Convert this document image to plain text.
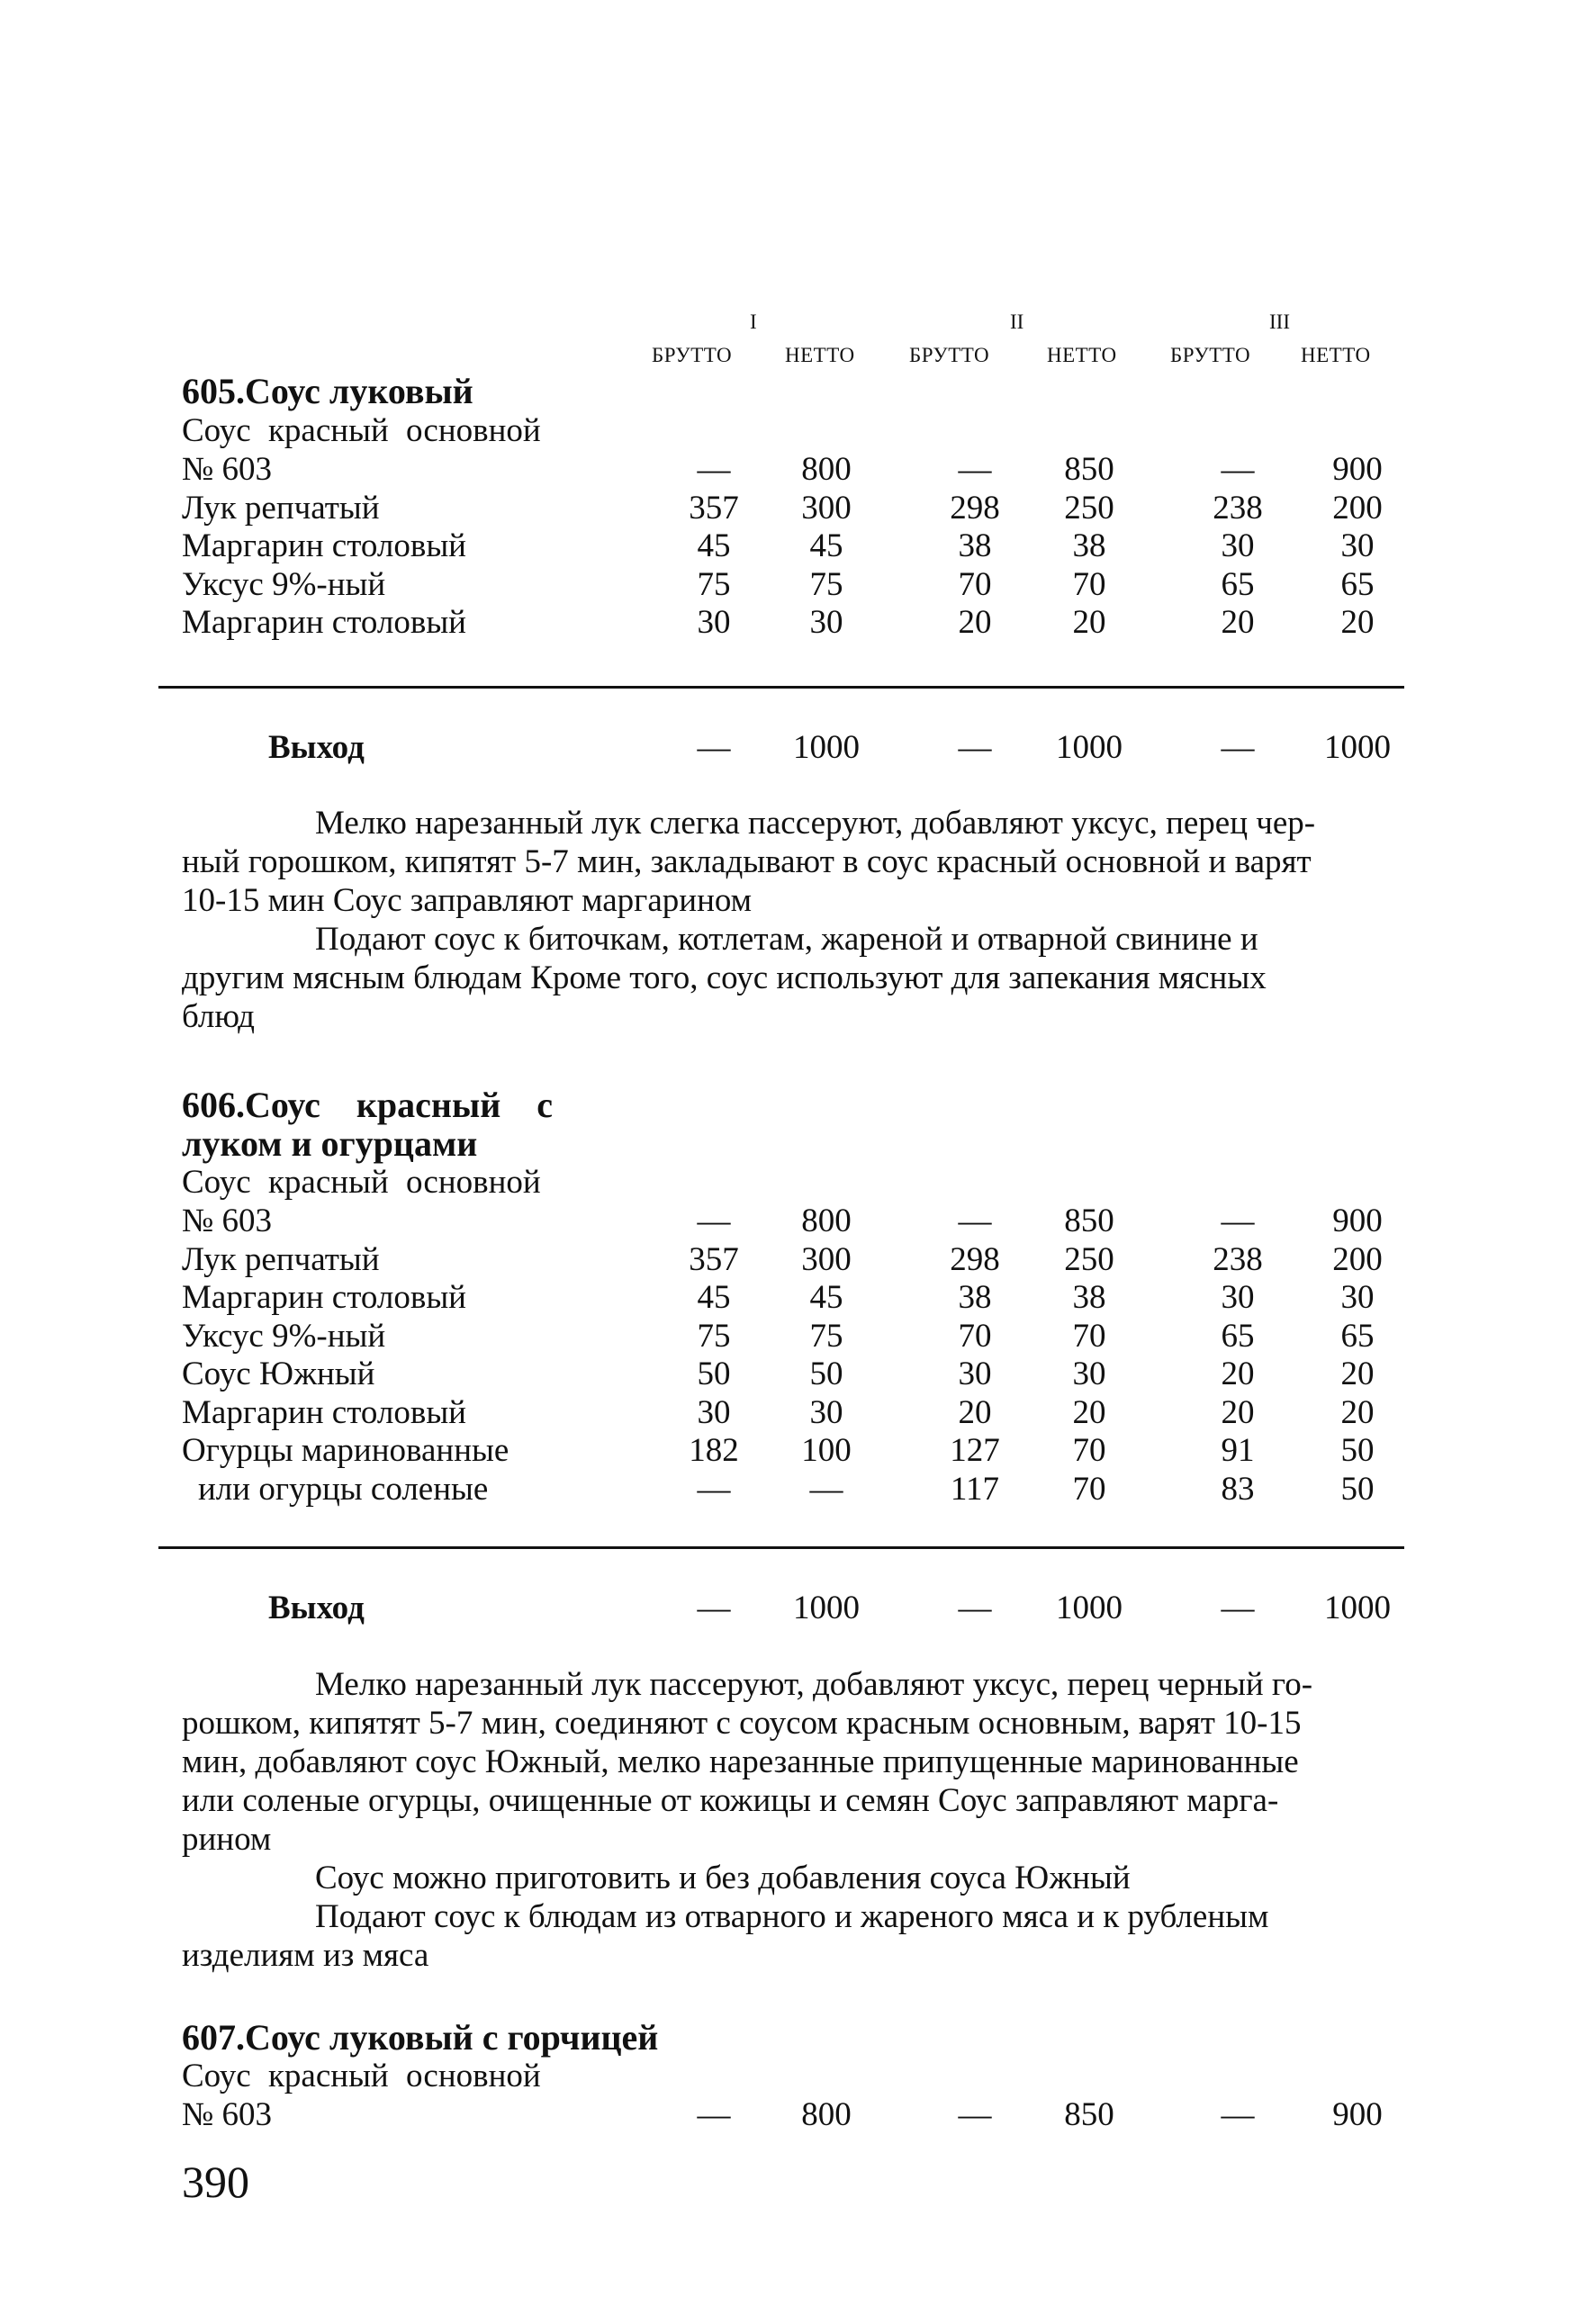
I	II	III
БРУТТО	НЕТТО	БРУТТО	НЕТТО	БРУТТО НЕТТО
605.Соус луковый
Соус красный основной
№ 603	—	800	—	850	—	900
Лук репчатый	357	300	298	250	238	200
Маргарин столовый	45	45	38	38	30	30
Уксус 9%-ный	75	75	70	70	65	65
Маргарин столовый	30	30	20	20	20	20
Выход	—	1000	—	1000	—	1000
Мелко нарезанный лук слегка пассеруют, добавляют уксус, перец чер-
ный горошком, кипятят 5-7 мин, закладывают в соус красный основной и варят
10-15 мин Соус заправляют маргарином
Подают соус к биточкам, котлетам, жареной и отварной свинине и
другим мясным блюдам Кроме того, соус используют для запекания мясных
блюд
606.Соус красный с
луком и огурцами
Соус красный основной
№ 603	—	800	—	850	—	900
Лук репчатый	357	300	298	250	238	200
Маргарин столовый	45	45	38	38	30	30
Уксус 9%-ный	75	75	70	70	65	65
Соус Южный	50	50	30	30	20	20
Маргарин столовый	30	30	20	20	20	20
Огурцы маринованные	182	100	127	70	91	50
или огурцы соленые	—	—	117	70	83	50
Выход	—	1000	—	1000	—	1000
Мелко нарезанный лук пассеруют, добавляют уксус, перец черный го-
рошком, кипятят 5-7 мин, соединяют с соусом красным основным, варят 10-15
мин, добавляют соус Южный, мелко нарезанные припущенные маринованные
или соленые огурцы, очищенные от кожицы и семян Соус заправляют марга-
рином
Соус можно приготовить и без добавления соуса Южный
Подают соус к блюдам из отварного и жареного мяса и к рубленым
изделиям из мяса
607.Соус луковый с горчицей
Соус красный основной
№ 603	—	800	—	850	—	900
390
